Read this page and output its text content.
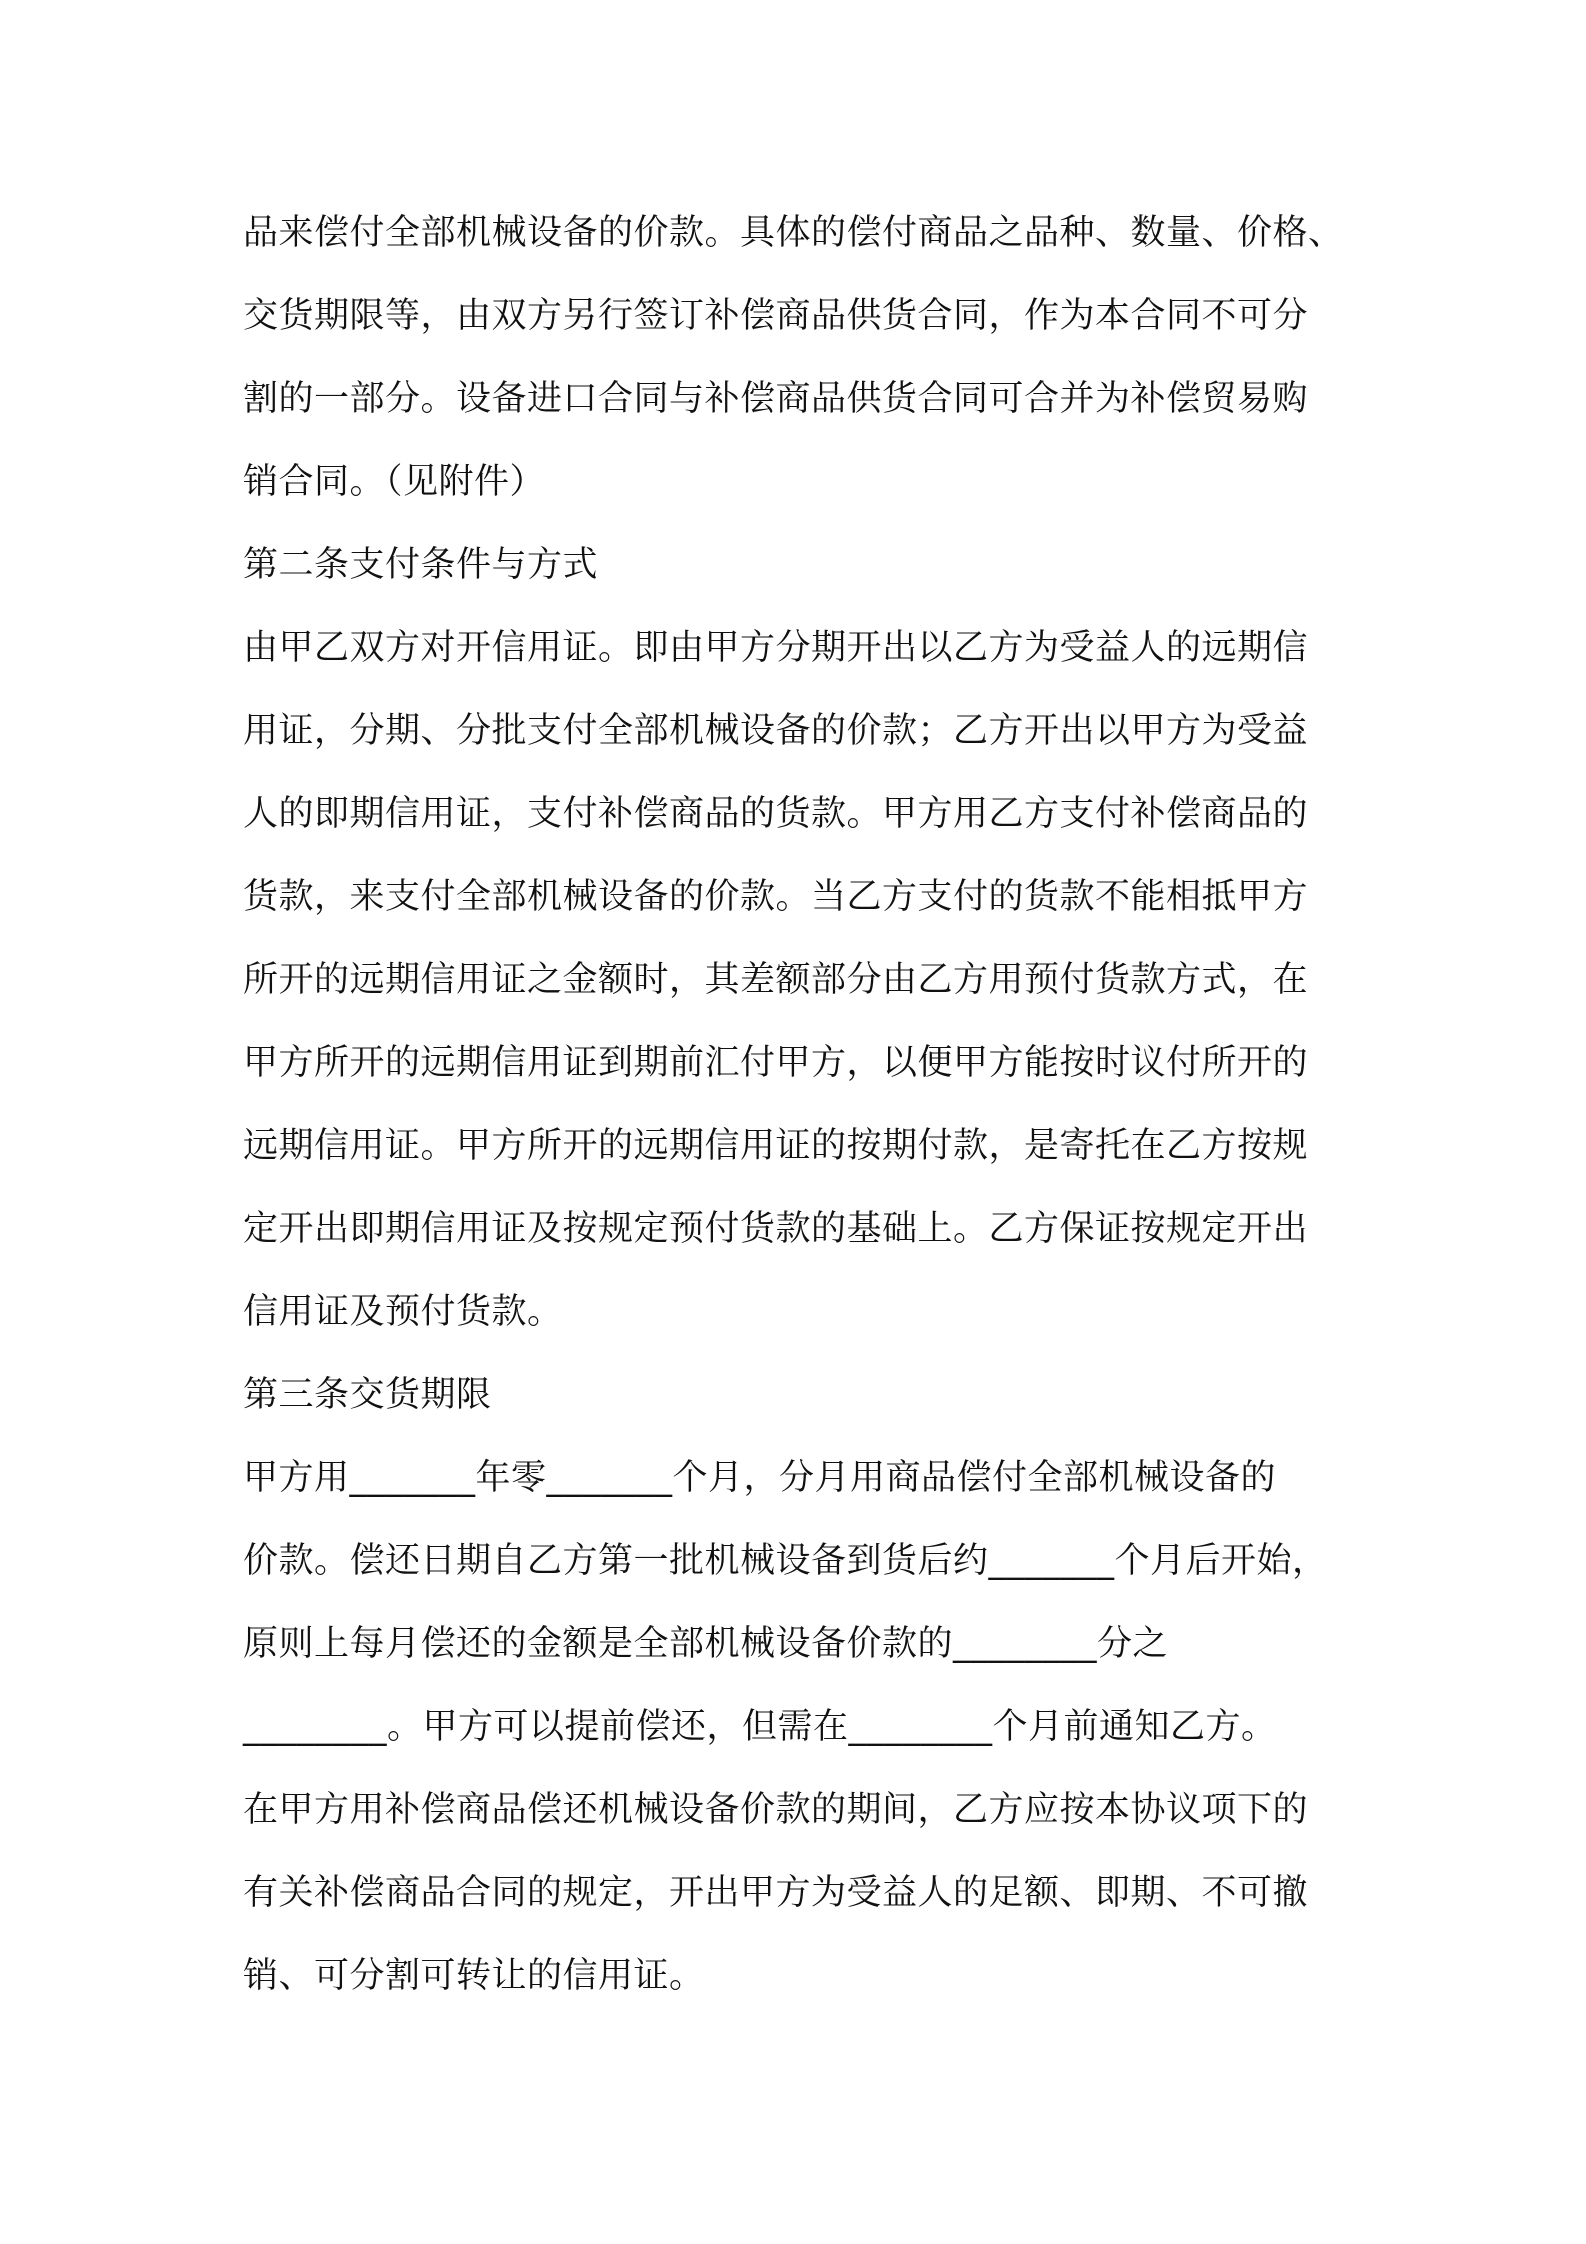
品来偿付全部机械设备的价款。具体的偿付商品之品种、数量、价格、
交货期限等，由双方另行签订补偿商品供货合同，作为本合同不可分
割的一部分。设备进口合同与补偿商品供货合同可合并为补偿贸易购
销合同。（见附件）
第二条支付条件与方式
由甲乙双方对开信用证。即由甲方分期开出以乙方为受益人的远期信
用证，分期、分批支付全部机械设备的价款；乙方开出以甲方为受益
人的即期信用证，支付补偿商品的货款。甲方用乙方支付补偿商品的
货款，来支付全部机械设备的价款。当乙方支付的货款不能相抵甲方
所开的远期信用证之金额时，其差额部分由乙方用预付货款方式，在
甲方所开的远期信用证到期前汇付甲方，以便甲方能按时议付所开的
远期信用证。甲方所开的远期信用证的按期付款，是寄托在乙方按规
定开出即期信用证及按规定预付货款的基础上。乙方保证按规定开出
信用证及预付货款。
第三条交货期限
甲方用_______年零_______个月，分月用商品偿付全部机械设备的
价款。偿还日期自乙方第一批机械设备到货后约_______个月后开始，
原则上每月偿还的金额是全部机械设备价款的________分之
________。甲方可以提前偿还，但需在________个月前通知乙方。
在甲方用补偿商品偿还机械设备价款的期间，乙方应按本协议项下的
有关补偿商品合同的规定，开出甲方为受益人的足额、即期、不可撤
销、可分割可转让的信用证。
